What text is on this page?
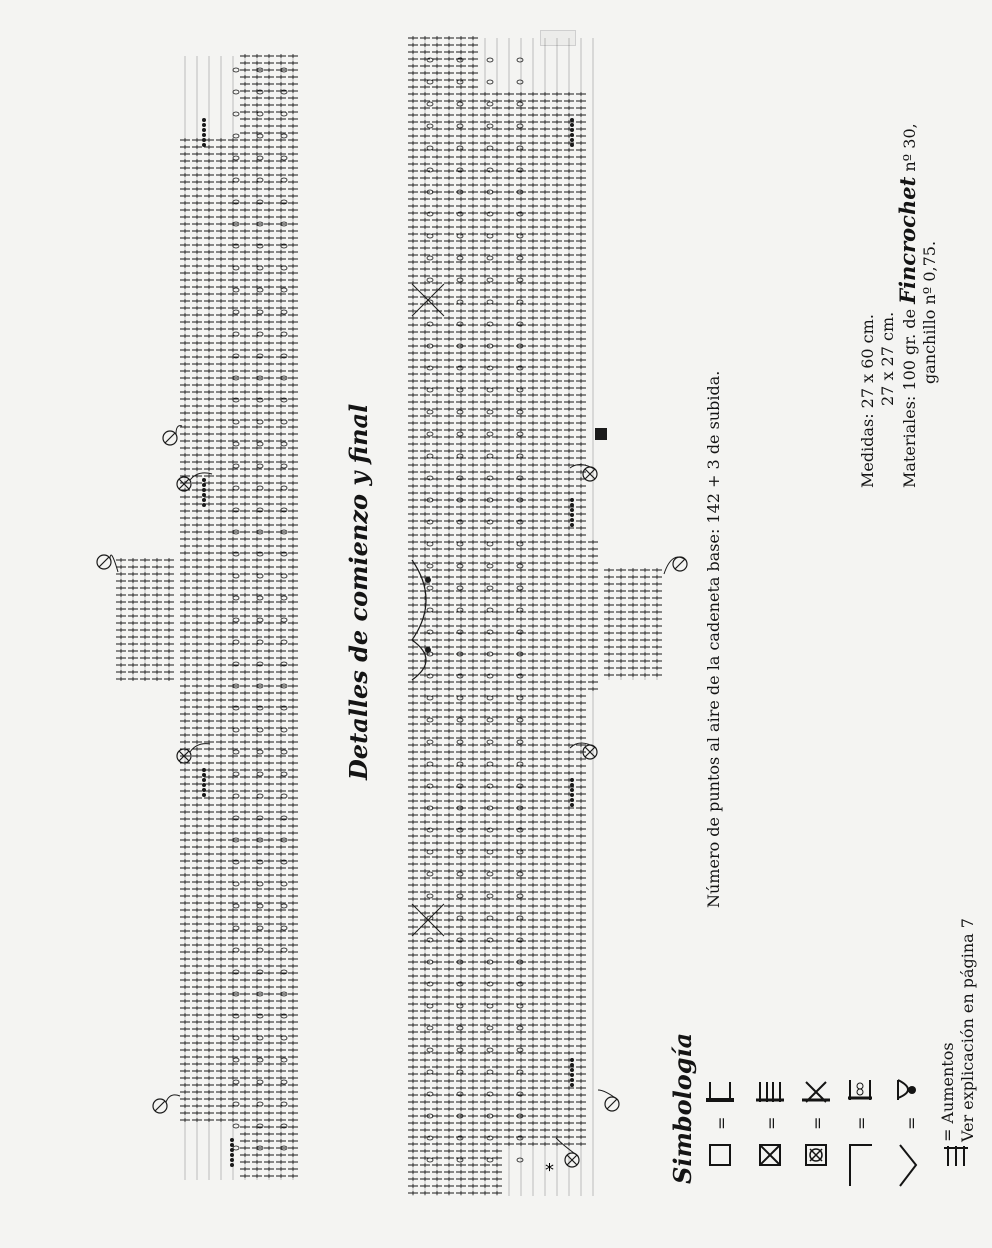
*
Detalles de comienzo y final	Número de puntos al aire de la cadeneta base: 142 + 3 de subida.
Simbología
Medidas: 27 x 60 cm. 27 x 27 cm.
Materiales: 100 gr. de Fincrochet nº 30,
ganchillo nº 0,75.
= Aumentos Ver explicación en página 7
= = = = =
